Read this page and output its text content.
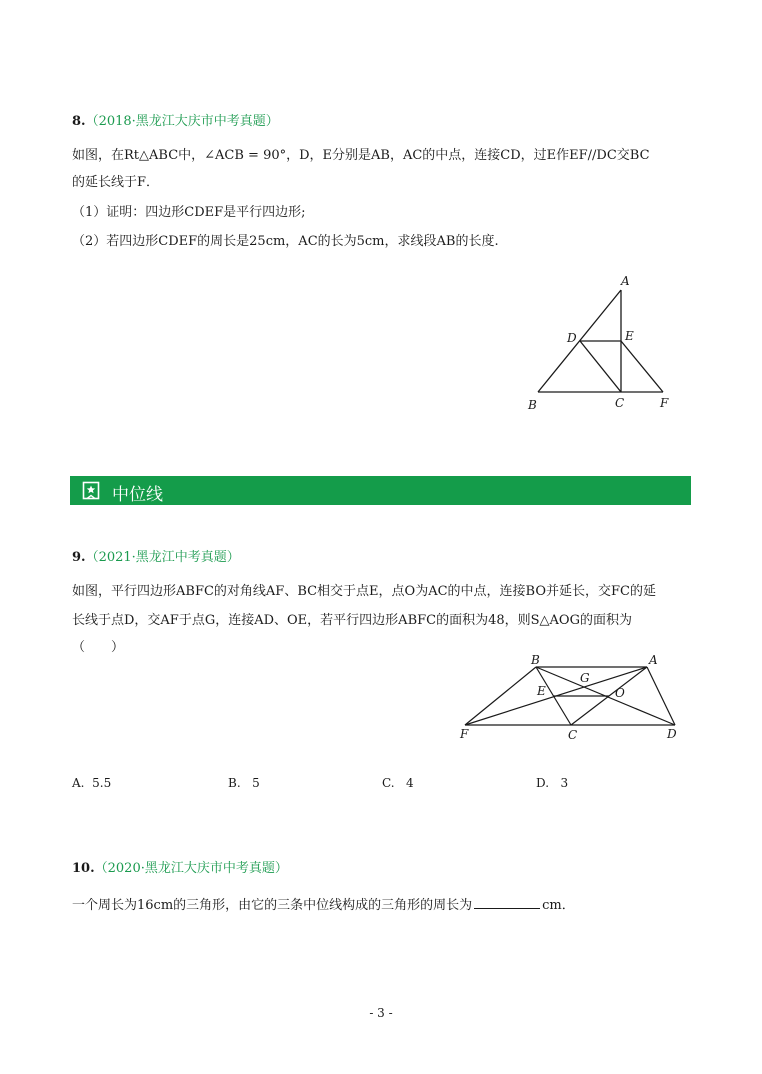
8.（2018·黑龙江大庆市中考真题）
如图，在Rt△ABC中，∠ACB = 90°，D，E分别是AB，AC的中点，连接CD，过E作EF//DC交BC
的延长线于F．
（1）证明：四边形CDEF是平行四边形;
（2）若四边形CDEF的周长是25cm，AC的长为5cm，求线段AB的长度.
A
D	E
B	C	F
中位线
9.（2021·黑龙江中考真题）
如图，平行四边形ABFC的对角线AF、BC相交于点E，点O为AC的中点，连接BO并延长，交FC的延
长线于点D，交AF于点G，连接AD、OE，若平行四边形ABFC的面积为48，则S△AOG的面积为
（　　）
B	A
G
E	O
F	C	D
A. 5.5	B. 5	C. 4	D. 3
10.（2020·黑龙江大庆市中考真题）
一个周长为16cm的三角形，由它的三条中位线构成的三角形的周长为	cm．
- 3 -
